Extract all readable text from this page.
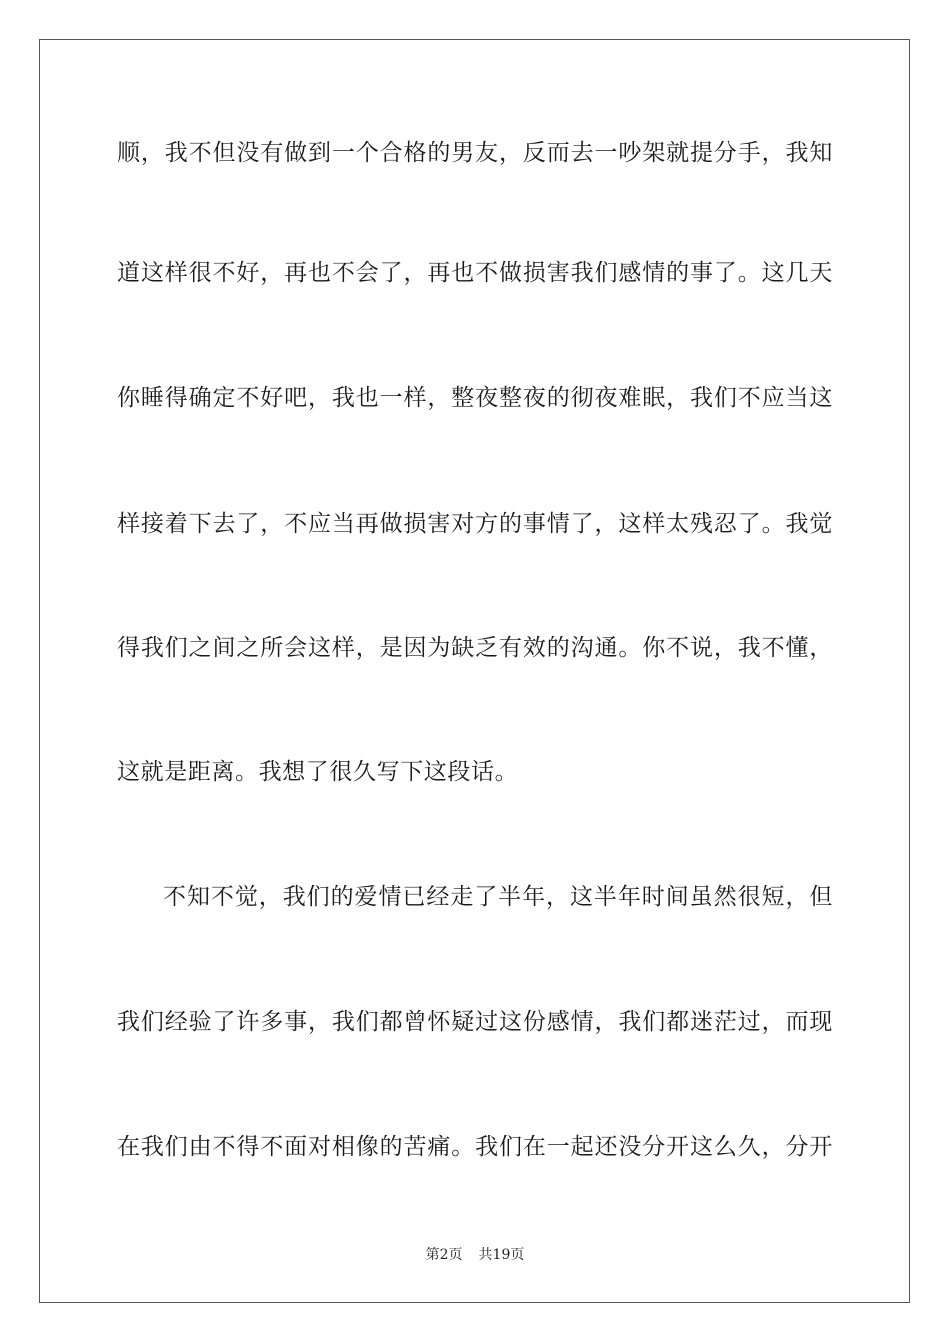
顺，我不但没有做到一个合格的男友，反而去一吵架就提分手，我知
道这样很不好，再也不会了，再也不做损害我们感情的事了。这几天
你睡得确定不好吧，我也一样，整夜整夜的彻夜难眠，我们不应当这
样接着下去了，不应当再做损害对方的事情了，这样太残忍了。我觉
得我们之间之所会这样，是因为缺乏有效的沟通。你不说，我不懂，
这就是距离。我想了很久写下这段话。
不知不觉，我们的爱情已经走了半年，这半年时间虽然很短，但
我们经验了许多事，我们都曾怀疑过这份感情，我们都迷茫过，而现
在我们由不得不面对相像的苦痛。我们在一起还没分开这么久，分开
第2页 共19页
